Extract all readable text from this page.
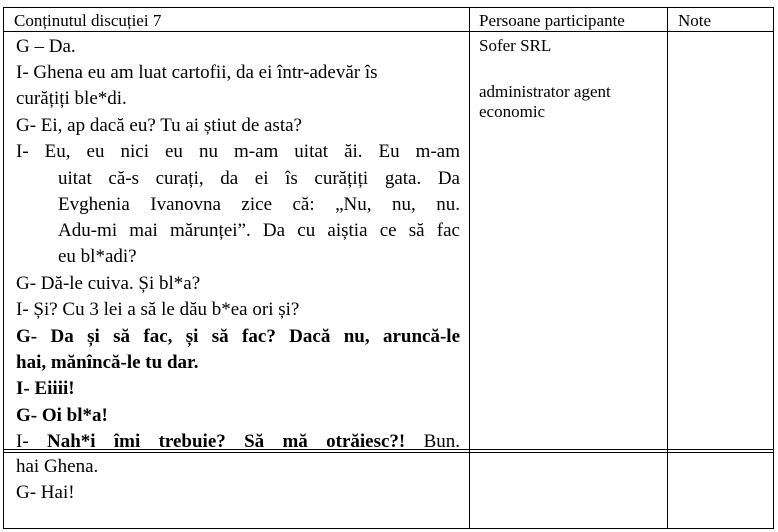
Conținutul discuției 7	Persoane participante	Note
Sofer SRL
administrator agent
economic
G – Da.
I- Ghena eu am luat cartofii, da ei într-adevăr îs
curățiți ble*di.
G- Ei, ap dacă eu? Tu ai știut de asta?
I- Eu, eu nici eu nu m-am uitat ăi. Eu m-am
uitat că-s curați, da ei îs curățiți gata. Da
Evghenia Ivanovna zice că: „Nu, nu, nu.
Adu-mi mai mărunței”. Da cu aiștia ce să fac
eu bl*adi?
G- Dă-le cuiva. Și bl*a?
I- Și? Cu 3 lei a să le dău b*ea ori și?
G- Da și să fac, și să fac? Dacă nu, aruncă-le
hai, mănîncă-le tu dar.
I- Eiiii!
G- Oi bl*a!
I- Nah*i îmi trebuie? Să mă otrăiesc?! Bun.
hai Ghena.
G- Hai!
